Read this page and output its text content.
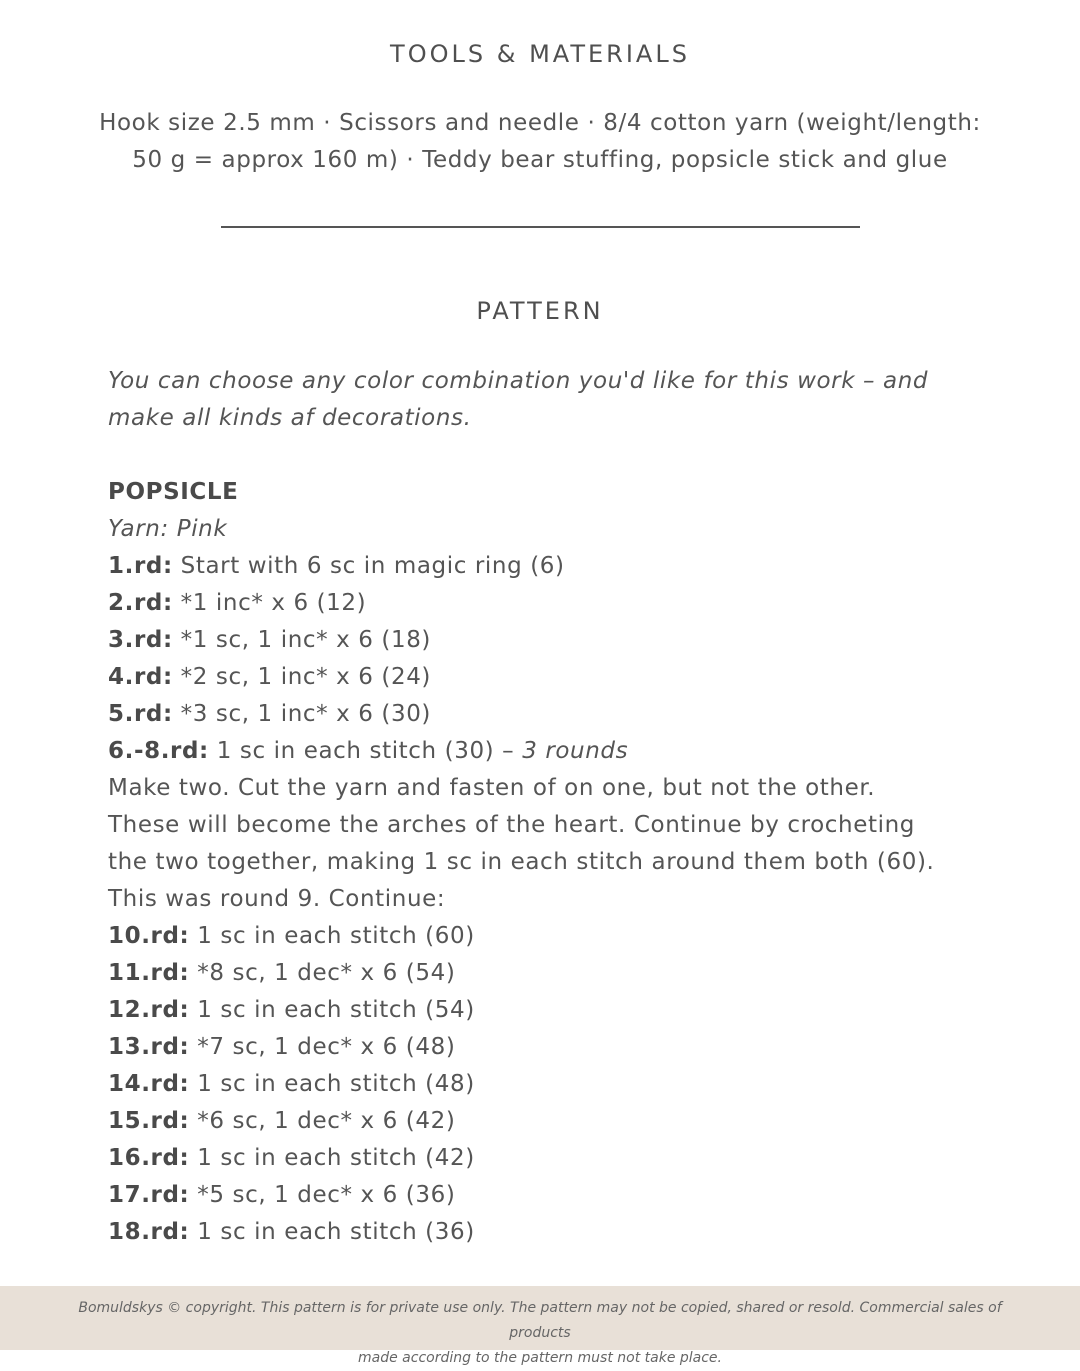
TOOLS & MATERIALS
Hook size 2.5 mm · Scissors and needle · 8/4 cotton yarn (weight/length:
50 g = approx 160 m) · Teddy bear stuffing, popsicle stick and glue
PATTERN
You can choose any color combination you'd like for this work – and
make all kinds af decorations.
POPSICLE
Yarn: Pink
1.rd: Start with 6 sc in magic ring (6)
2.rd: *1 inc* x 6 (12)
3.rd: *1 sc, 1 inc* x 6 (18)
4.rd: *2 sc, 1 inc* x 6 (24)
5.rd: *3 sc, 1 inc* x 6 (30)
6.-8.rd: 1 sc in each stitch (30) – 3 rounds
Make two. Cut the yarn and fasten of on one, but not the other.
These will become the arches of the heart. Continue by crocheting
the two together, making 1 sc in each stitch around them both (60).
This was round 9. Continue:
10.rd: 1 sc in each stitch (60)
11.rd: *8 sc, 1 dec* x 6 (54)
12.rd: 1 sc in each stitch (54)
13.rd: *7 sc, 1 dec* x 6 (48)
14.rd: 1 sc in each stitch (48)
15.rd: *6 sc, 1 dec* x 6 (42)
16.rd: 1 sc in each stitch (42)
17.rd: *5 sc, 1 dec* x 6 (36)
18.rd: 1 sc in each stitch (36)
Bomuldskys © copyright. This pattern is for private use only. The pattern may not be copied, shared or resold. Commercial sales of products
made according to the pattern must not take place.
